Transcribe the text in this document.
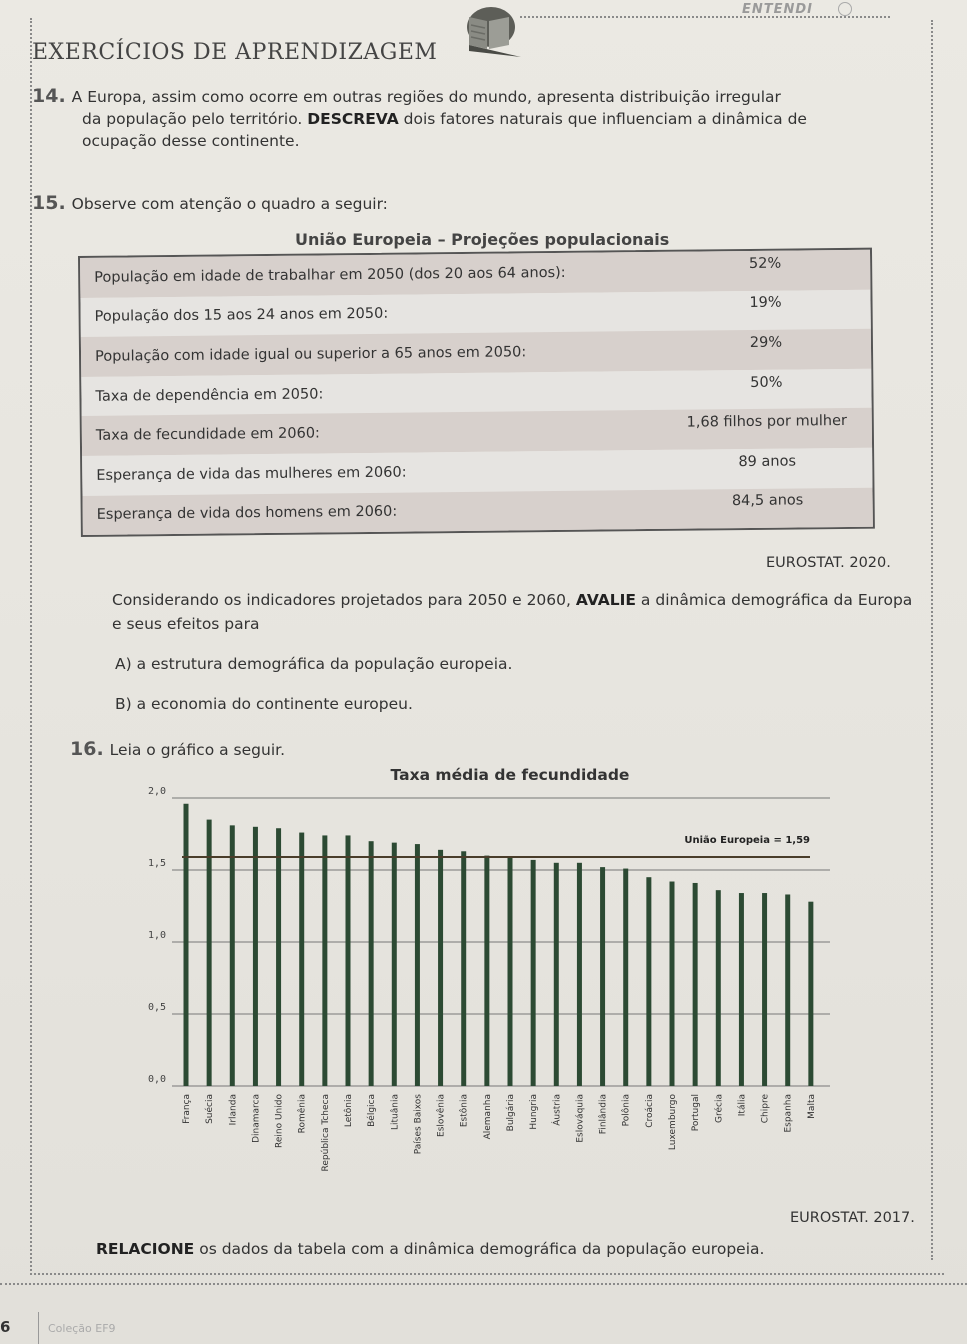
ENTENDI
EXERCÍCIOS DE APRENDIZAGEM
14. A Europa, assim como ocorre em outras regiões do mundo, apresenta distribuição irregular
da população pelo território. DESCREVA dois fatores naturais que influenciam a dinâmica de
ocupação desse continente.
15. Observe com atenção o quadro a seguir:
União Europeia – Projeções populacionais
População em idade de trabalhar em 2050 (dos 20 aos 64 anos):
52%
População dos 15 aos 24 anos em 2050:
19%
População com idade igual ou superior a 65 anos em 2050:
29%
Taxa de dependência em 2050:
50%
Taxa de fecundidade em 2060:
1,68 filhos por mulher
Esperança de vida das mulheres em 2060:
89 anos
Esperança de vida dos homens em 2060:
84,5 anos
EUROSTAT. 2020.
Considerando os indicadores projetados para 2050 e 2060, AVALIE a dinâmica demográfica da Europa e seus efeitos para
A) a estrutura demográfica da população europeia.
B) a economia do continente europeu.
16. Leia o gráfico a seguir.
Taxa média de fecundidade
0,0
0,5
1,0
1,5
2,0
União Europeia = 1,59
França Suécia Irlanda Dinamarca Reino Unido Romênia República Tcheca Letônia Bélgica Lituânia Países Baixos Eslovênia Estônia Alemanha Bulgária Hungria Áustria Eslováquia Finlândia Polônia Croácia Luxemburgo Portugal Grécia Itália Chipre Espanha Malta
EUROSTAT. 2017.
RELACIONE os dados da tabela com a dinâmica demográfica da população europeia.
6	Coleção EF9
